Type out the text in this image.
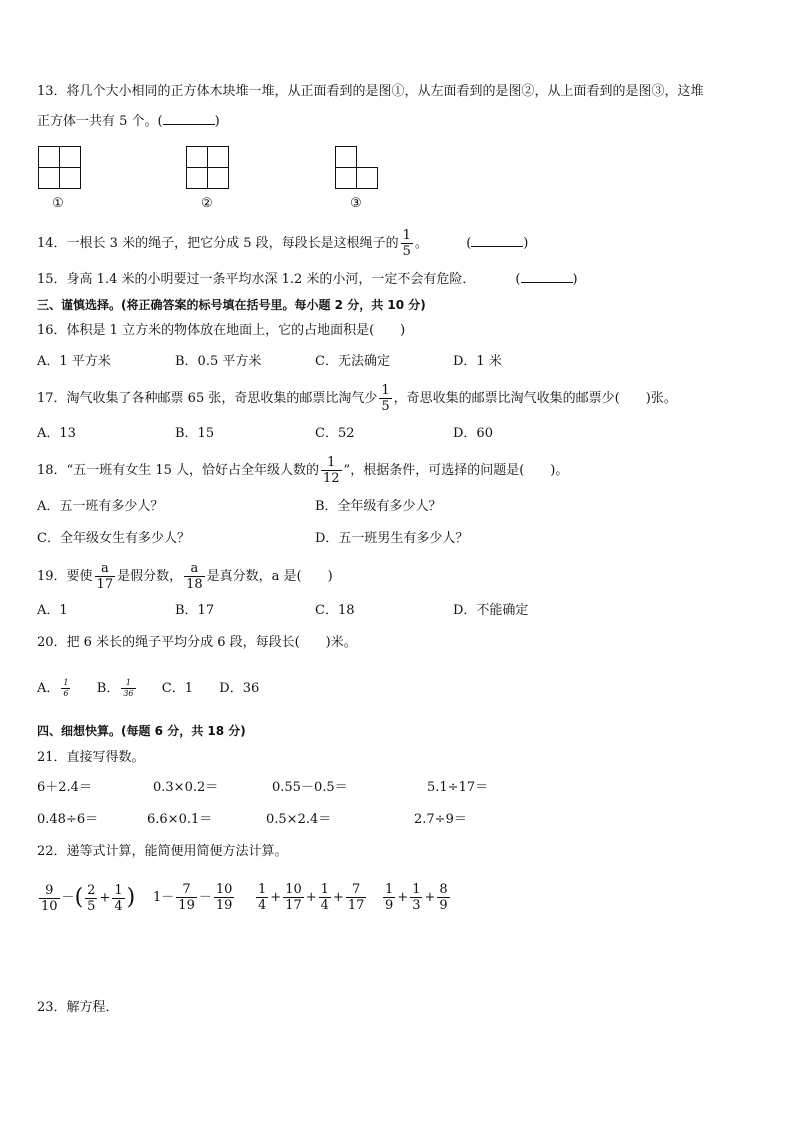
13．将几个大小相同的正方体木块堆一堆，从正面看到的是图①，从左面看到的是图②，从上面看到的是图③，这堆
正方体一共有 5 个。(	)
①	②	③
14．一根长 3 米的绳子，把它分成 5 段，每段长是这根绳子的 $\frac{1}{5}$ 。	(	)
15．身高 1.4 米的小明要过一条平均水深 1.2 米的小河，一定不会有危险．	(	)
三、谨慎选择。(将正确答案的标号填在括号里。每小题 2 分，共 10 分)
16．体积是 1 立方米的物体放在地面上，它的占地面积是(　　)
A．1 平方米	B．0.5 平方米	C．无法确定	D．1 米
17．淘气收集了各种邮票 65 张，奇思收集的邮票比淘气少 $\frac{1}{5}$ ，奇思收集的邮票比淘气收集的邮票少(　　)张。
A．13	B．15	C．52	D．60
18．“五一班有女生 15 人，恰好占全年级人数的 $\frac{1}{12}$ ”，根据条件，可选择的问题是(　　)。
A．五一班有多少人？	B．全年级有多少人？
C．全年级女生有多少人？	D．五一班男生有多少人？
19．要使 $\frac{a}{17}$ 是假分数， $\frac{a}{18}$ 是真分数，a 是(　　)
A．1	B．17	C．18	D．不能确定
20．把 6 米长的绳子平均分成 6 段，每段长(　　)米。
A． $\frac{1}{6}$ B． $\frac{1}{36}$ C．1 D．36
四、细想快算。(每题 6 分，共 18 分)
21．直接写得数。
6＋2.4＝	0.3×0.2＝	0.55－0.5＝	5.1÷17＝
0.48÷6＝	6.6×0.1＝	0.5×2.4＝	2.7÷9＝
22．递等式计算，能简便用简便方法计算。
$\frac{9}{10}$ －( $\frac{2}{5} + \frac{1}{4}$ ) $1- \frac{7}{19} - \frac{10}{19} \frac{1}{4} + \frac{10}{17} + \frac{1}{4} + \frac{7}{17} \frac{1}{9} + \frac{1}{3} + \frac{8}{9}$
23．解方程．
